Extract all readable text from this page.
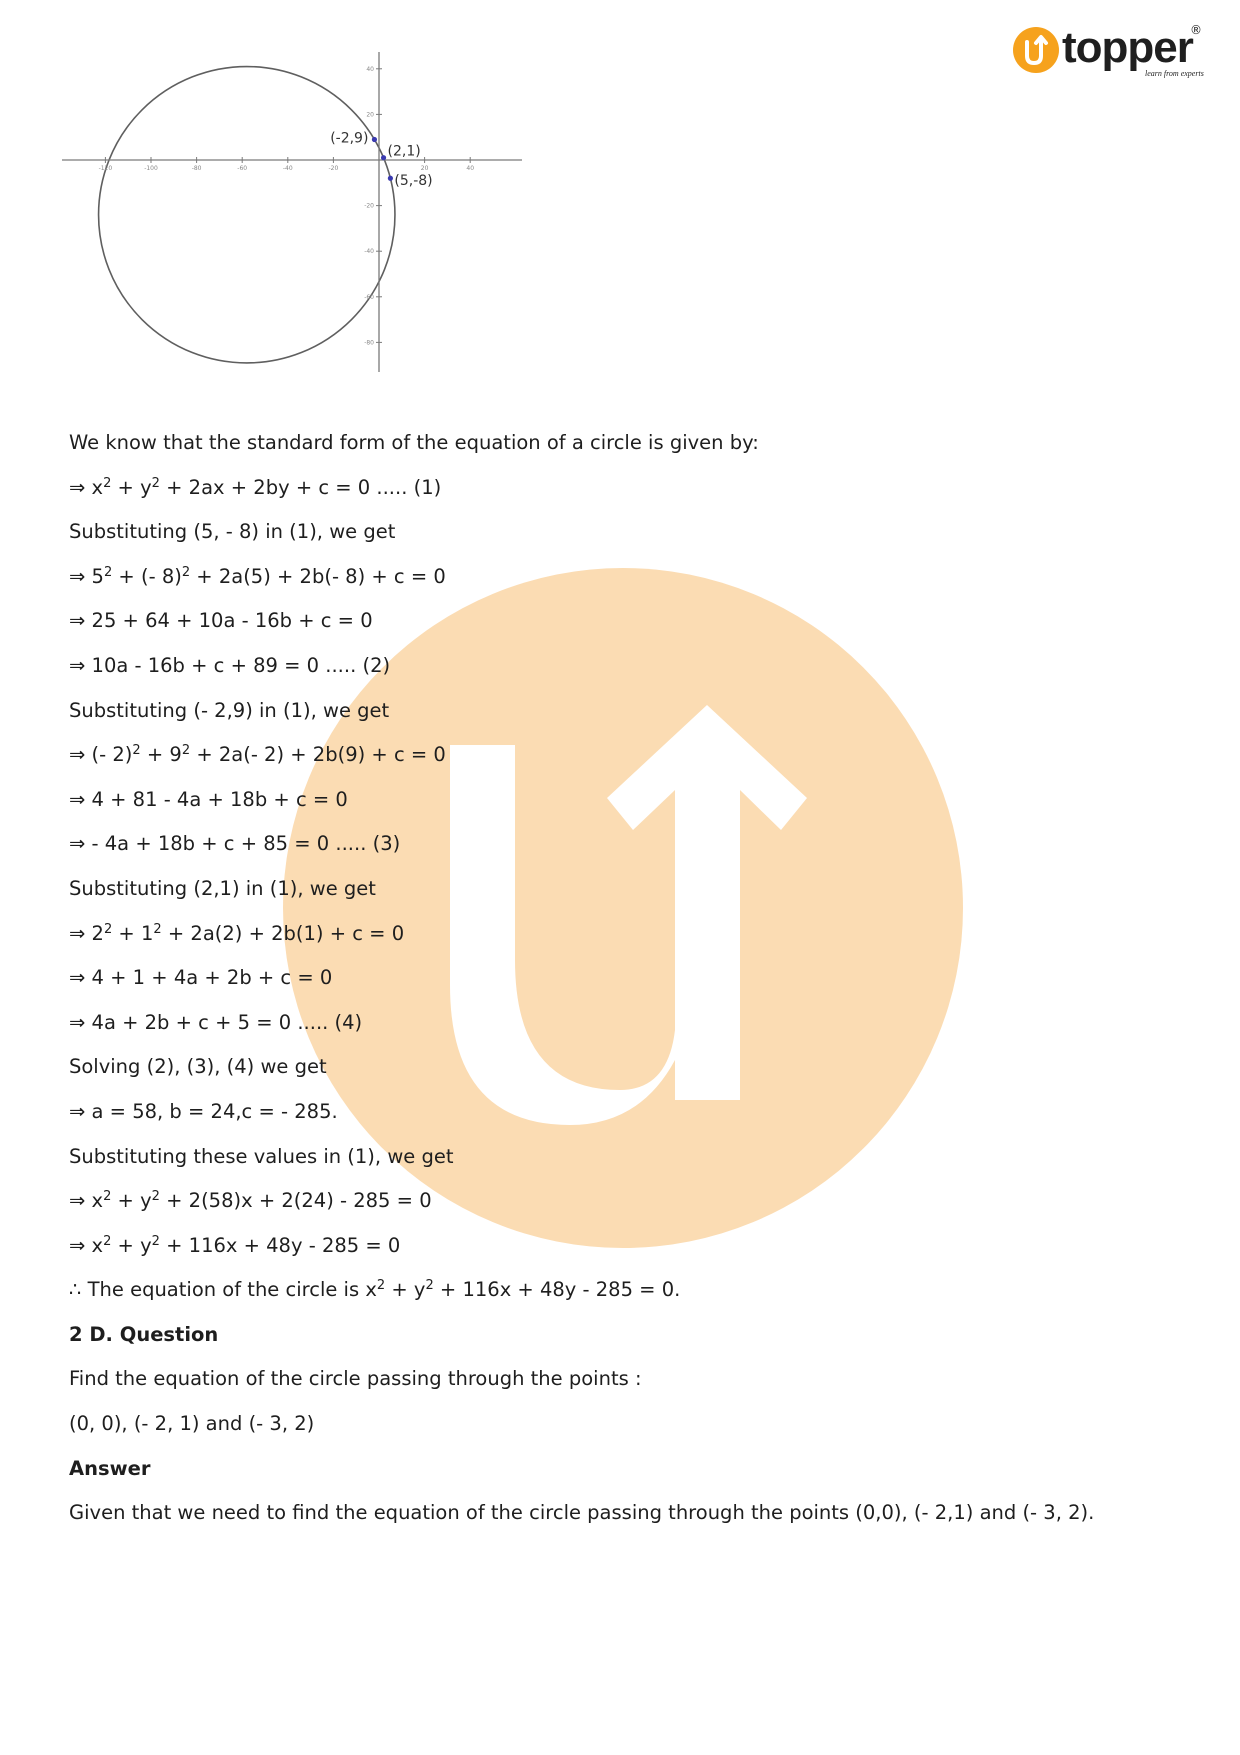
topper
learn from experts
®
-120	-100	-80	-60	-40	-20	20	40
40
20
-20
-40
-60
-80
(-2,9)
(2,1)
(5,-8)
We know that the standard form of the equation of a circle is given by:
⇒ $x^2 + y^2 + 2ax + 2by + c = 0$ ..... (1)
Substituting (5, - 8) in (1), we get
⇒ $5^2$ + (- 8)$^2$ + 2a(5) + 2b(- 8) + c = 0
⇒ 25 + 64 + 10a - 16b + c = 0
⇒ 10a - 16b + c + 89 = 0 ..... (2)
Substituting (- 2,9) in (1), we get
⇒ (- $2)^2 + 9^2 + 2a(-$ 2) + 2b(9) + c = 0
⇒ 4 + 81 - 4a + 18b + c = 0
⇒ - 4a + 18b + c + 85 = 0 ..... (3)
Substituting (2,1) in (1), we get
⇒ $2^2 + 1^2 + 2a(2) + 2b(1) + c = 0$
⇒ 4 + 1 + 4a + 2b + c = 0
⇒ 4a + 2b + c + 5 = 0 ..... (4)
Solving (2), (3), (4) we get
⇒ a = 58, b = 24,c = - 285.
Substituting these values in (1), we get
⇒ $x^2 + y^2 + 2(58)x + 2(24) - 285 = 0$
⇒ $x^2 + y^2 + 116x + 48y - 285 = 0$
∴ The equation of the circle is $x^2 + y^2 + 116x + 48y - 285 = 0$.
2 D. Question
Find the equation of the circle passing through the points :
(0, 0), (- 2, 1) and (- 3, 2)
Answer
Given that we need to find the equation of the circle passing through the points (0,0), (- 2,1) and (- 3, 2).
